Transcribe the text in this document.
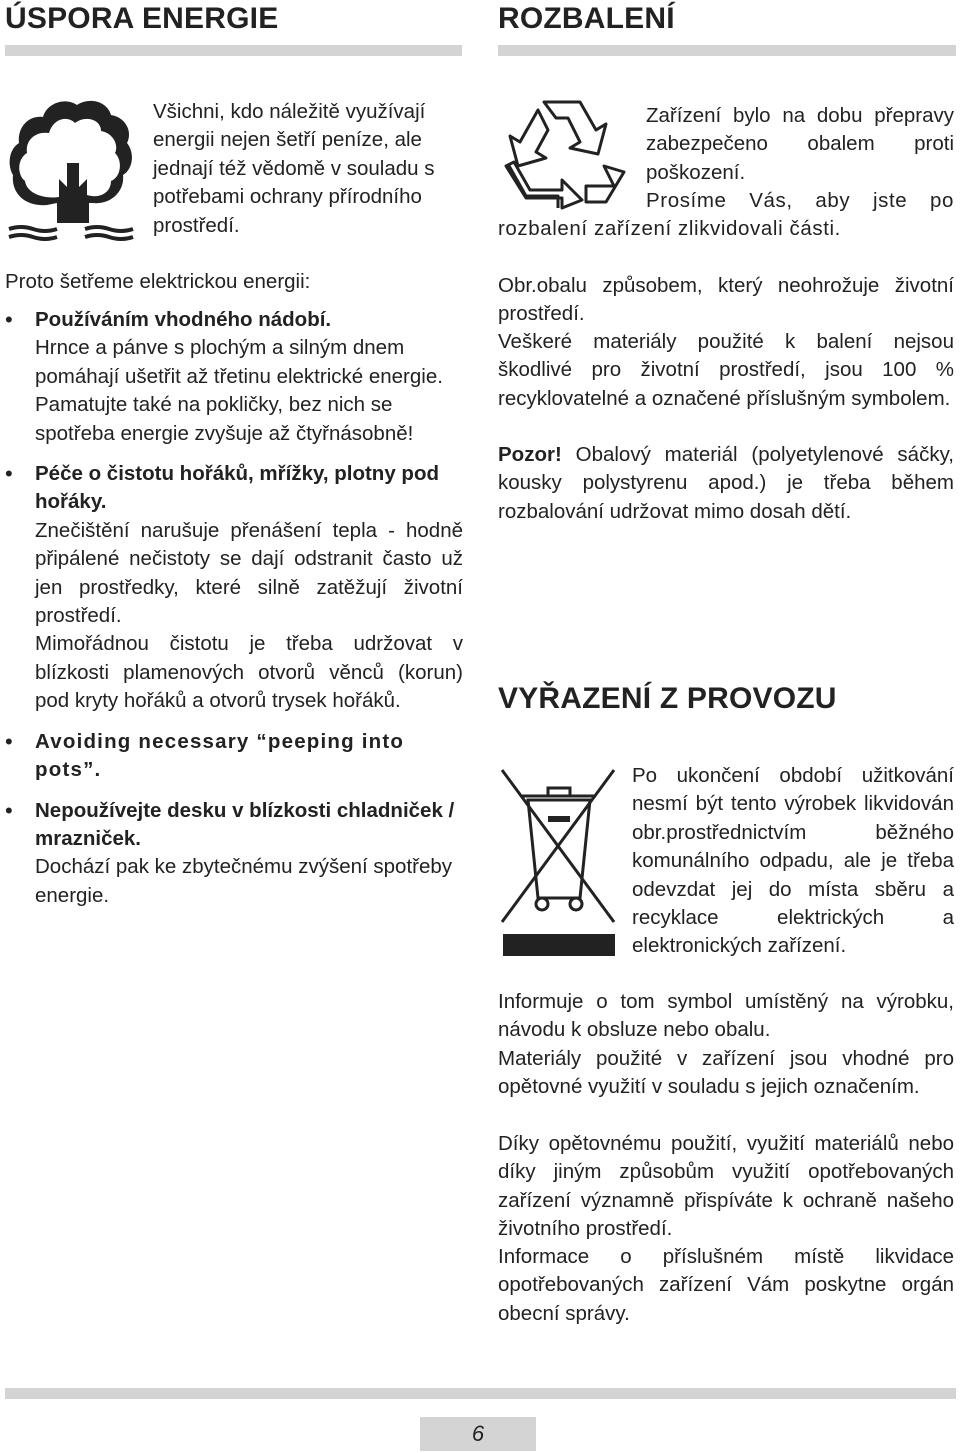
ÚSPORA ENERGIE
Všichni, kdo náležitě využívají energii nejen šetří peníze, ale jednají též vědomě v souladu s potřebami ochrany přírodního prostředí.
Proto šetřeme elektrickou energii:
• Používáním vhodného nádobí.
Hrnce a pánve s plochým a silným dnem pomáhají ušetřit až třetinu elektrické energie. Pamatujte také na pokličky, bez nich se spotřeba energie zvyšuje až čtyřnásobně!
• Péče o čistotu hořáků, mřížky, plotny pod hořáky.
Znečištění narušuje přenášení tepla - hodně připálené nečistoty se dají odstranit často už jen prostředky, které silně zatěžují životní prostředí.
Mimořádnou čistotu je třeba udržovat v blízkosti plamenových otvorů věnců (korun) pod kryty hořáků a otvorů trysek hořáků.
• Avoiding necessary “peeping into pots”.
• Nepoužívejte desku v blízkosti chladniček / mrazniček.
Dochází pak ke zbytečnému zvýšení spotřeby energie.
ROZBALENÍ
Zařízení bylo na dobu přepravy zabezpečeno obalem proti poškození.
Prosíme Vás, aby jste po rozbalení zařízení zlikvidovali části.
Obr.obalu způsobem, který neohrožuje životní prostředí.
Veškeré materiály použité k balení nejsou škodlivé pro životní prostředí, jsou 100 % recyklovatelné a označené příslušným symbolem.
Pozor! Obalový materiál (polyetylenové sáčky, kousky polystyrenu apod.) je třeba během rozbalování udržovat mimo dosah dětí.
VYŘAZENÍ Z PROVOZU
Po ukončení období užitkování nesmí být tento výrobek likvidován obr.prostřednictvím běžného komunálního odpadu, ale je třeba odevzdat jej do místa sběru a recyklace elektrických a elektronických zařízení.
Informuje o tom symbol umístěný na výrobku, návodu k obsluze nebo obalu.
Materiály použité v zařízení jsou vhodné pro opětovné využití v souladu s jejich označením.
Díky opětovnému použití, využití materiálů nebo díky jiným způsobům využití opotřebovaných zařízení významně přispíváte k ochraně našeho životního prostředí.
Informace o příslušném místě likvidace opotřebovaných zařízení Vám poskytne orgán obecní správy.
6
